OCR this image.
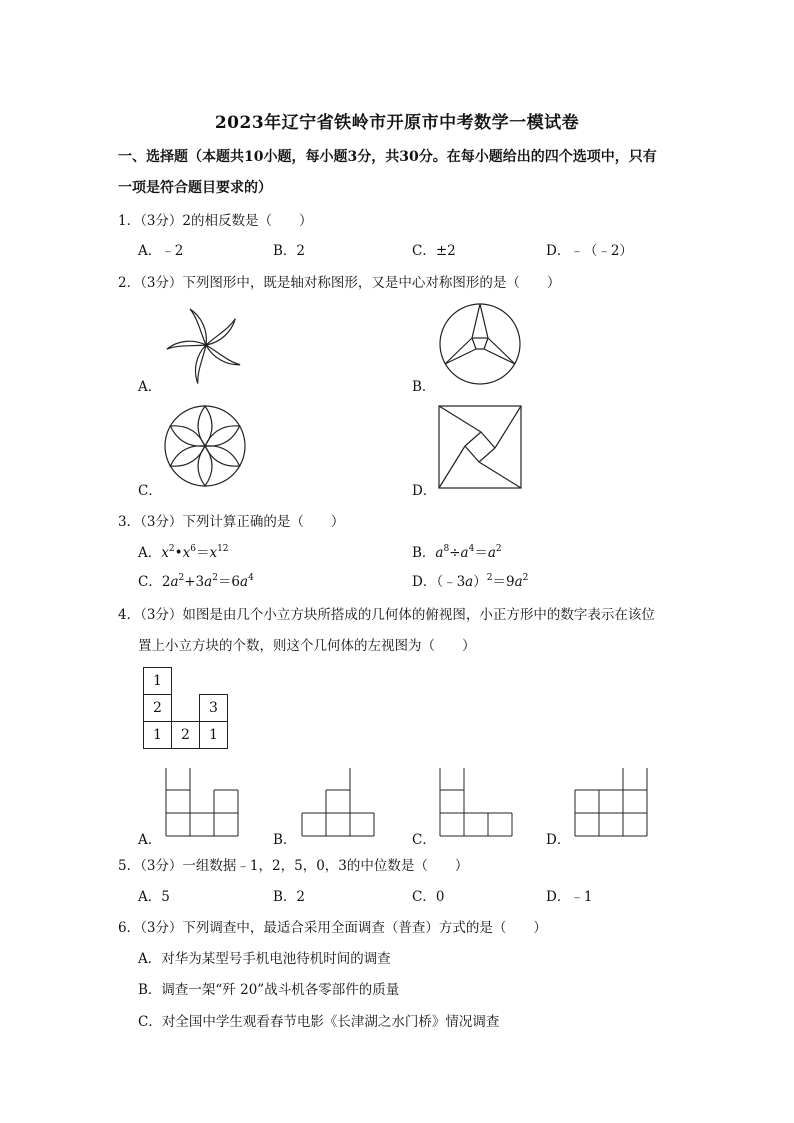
2023年辽宁省铁岭市开原市中考数学一模试卷
一、选择题（本题共10小题，每小题3分，共30分。在每小题给出的四个选项中，只有
一项是符合题目要求的）
1．（3分）2的相反数是（　　）
A．﹣2	B．2	C．±2	D．﹣（﹣2）
2．（3分）下列图形中，既是轴对称图形，又是中心对称图形的是（　　）
A．	B．
C．	D．
3．（3分）下列计算正确的是（　　）
A．$x^2•x^6=x^{12}$	B．$a^8\div a^4=a^2$
C．$2a^2+3a^2=6a^4$	D．$(﹣3a)^2=9a^2$
4．（3分）如图是由几个小立方块所搭成的几何体的俯视图，小正方形中的数字表示在该位
置上小立方块的个数，则这个几何体的左视图为（　　）
1		
2		3
1	2	1
A．	B．	C．	D．
5．（3分）一组数据﹣1，2，5，0，3的中位数是（　　）
A．5	B．2	C．0	D．﹣1
6．（3分）下列调查中，最适合采用全面调查（普查）方式的是（　　）
A．对华为某型号手机电池待机时间的调查
B．调查一架“歼 20”战斗机各零部件的质量
C．对全国中学生观看春节电影《长津湖之水门桥》情况调查
